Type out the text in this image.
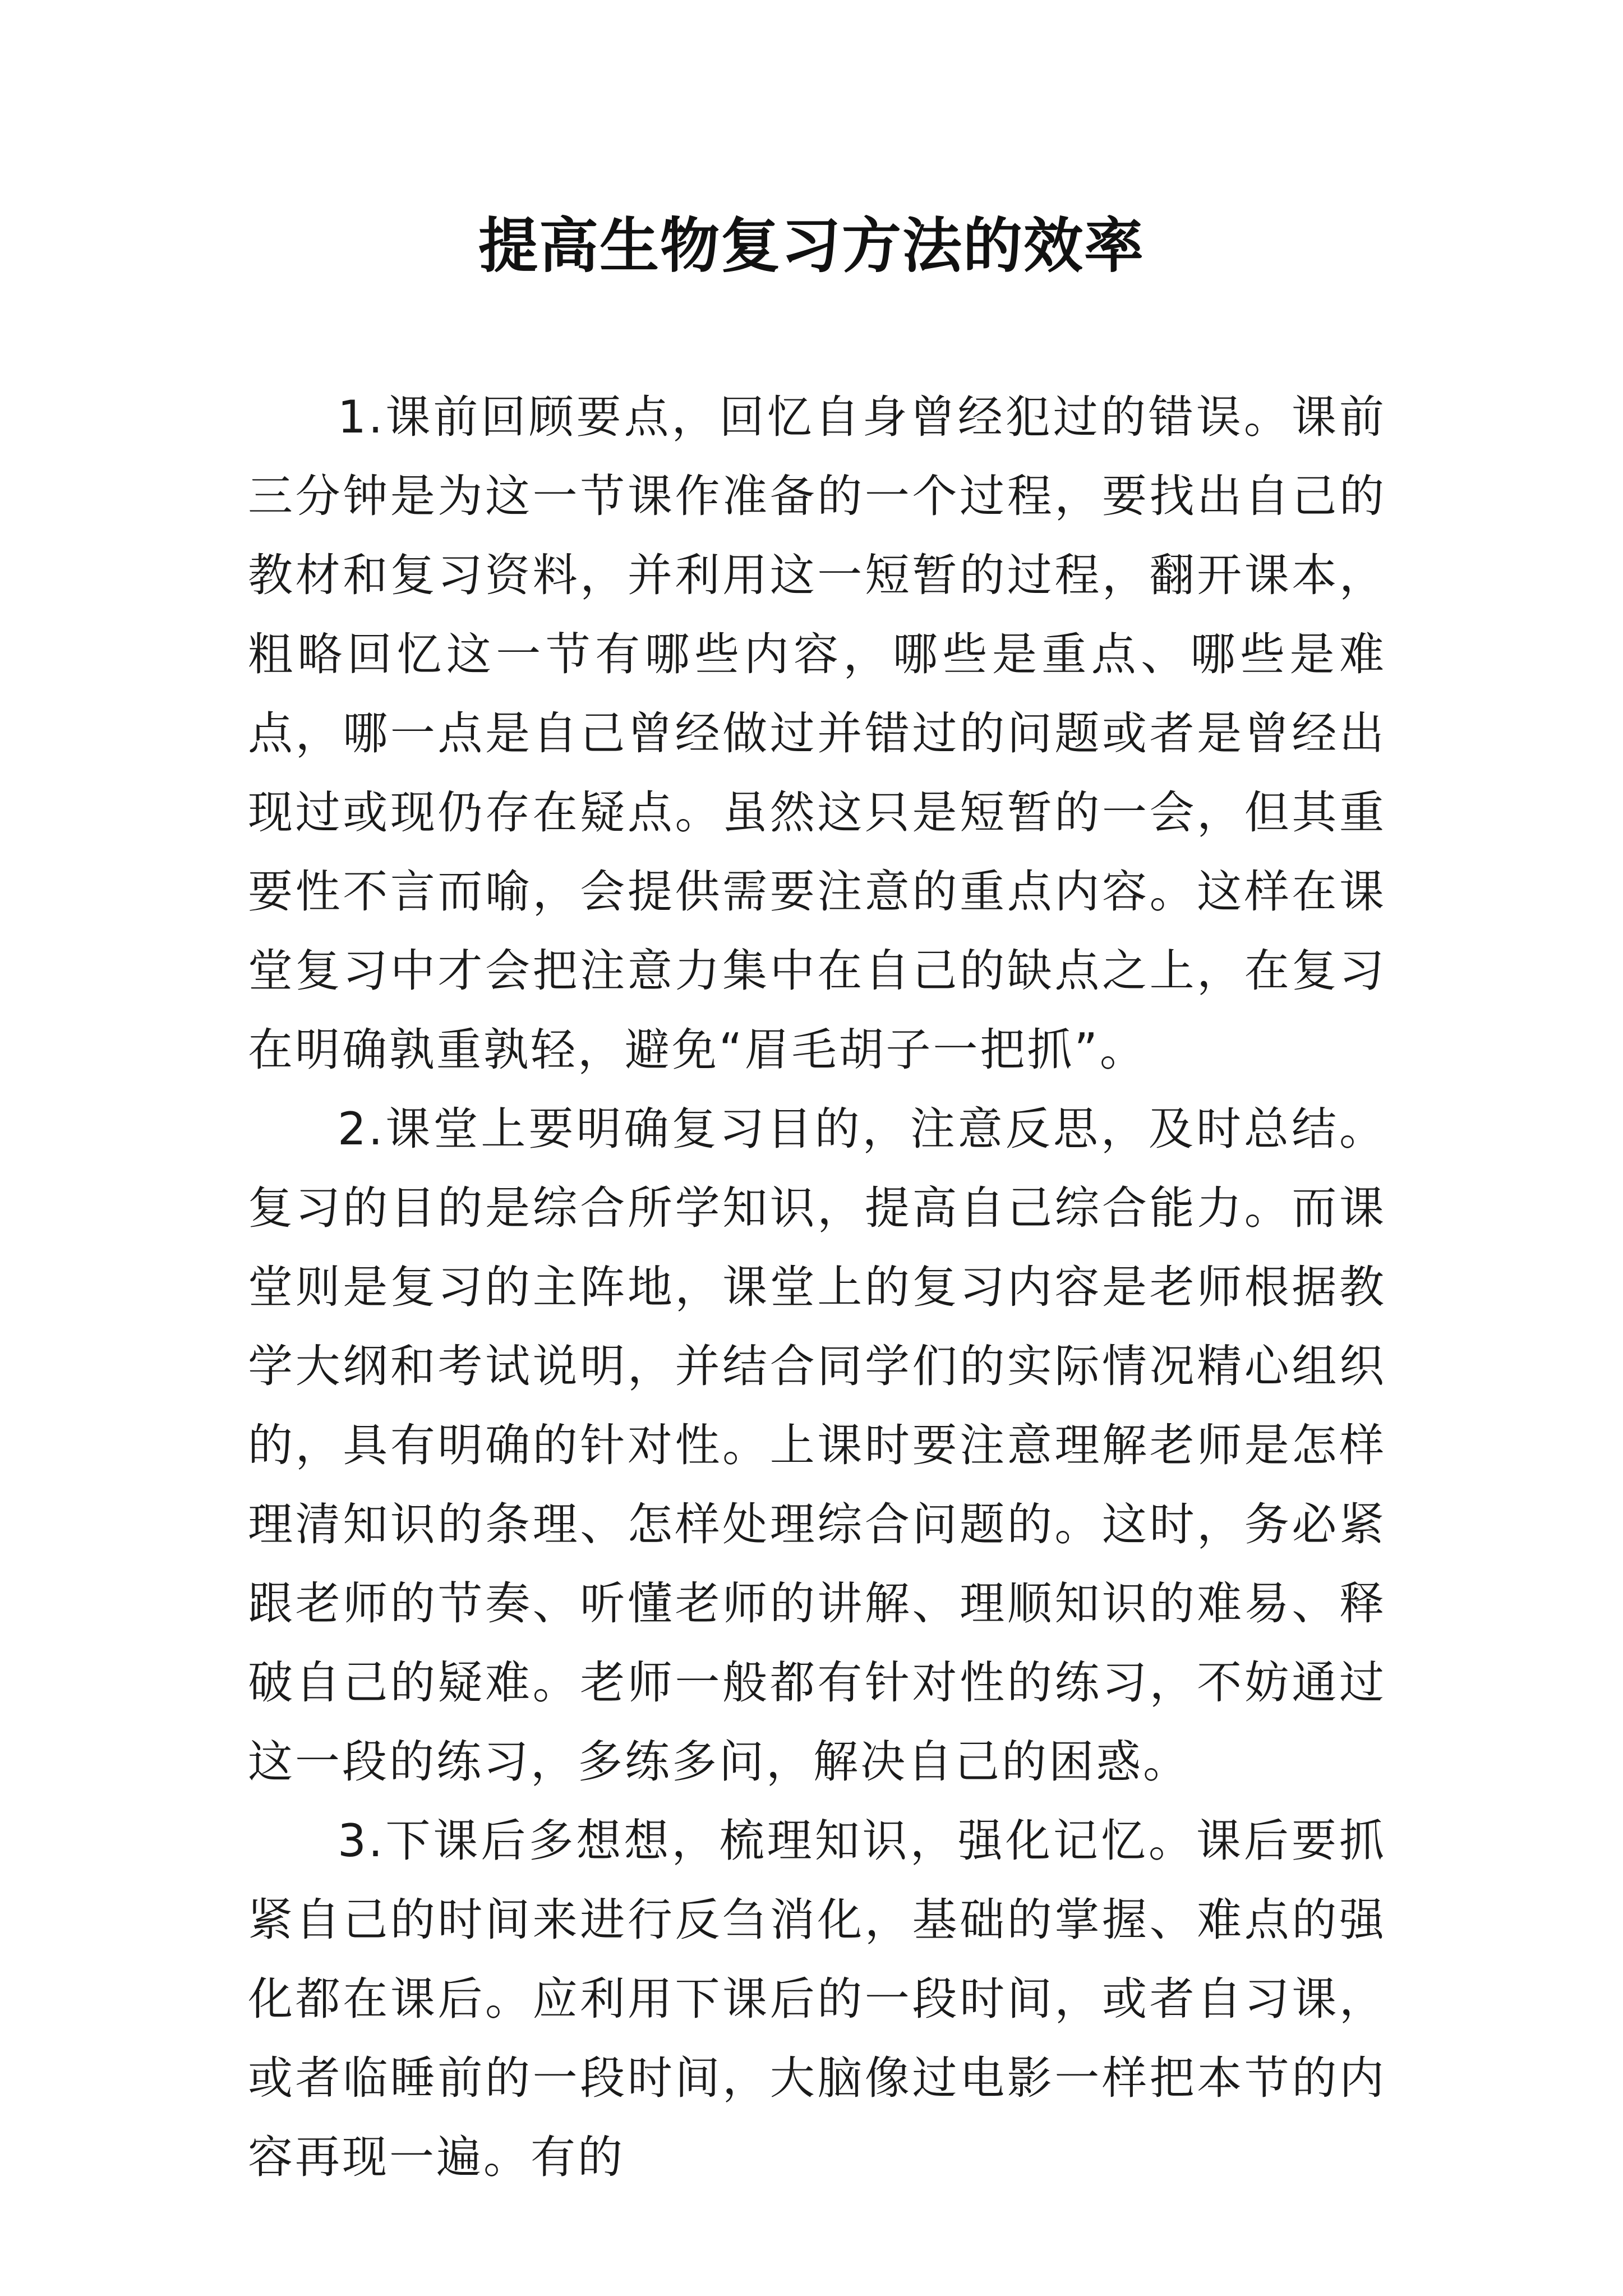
提高生物复习方法的效率

1.课前回顾要点，回忆自身曾经犯过的错误。课前三分钟是为这一节课作准备的一个过程，要找出自己的教材和复习资料，并利用这一短暂的过程，翻开课本，粗略回忆这一节有哪些内容，哪些是重点、哪些是难点，哪一点是自己曾经做过并错过的问题或者是曾经出现过或现仍存在疑点。虽然这只是短暂的一会，但其重要性不言而喻，会提供需要注意的重点内容。这样在课堂复习中才会把注意力集中在自己的缺点之上，在复习在明确孰重孰轻，避免“眉毛胡子一把抓”。

2.课堂上要明确复习目的，注意反思，及时总结。复习的目的是综合所学知识，提高自己综合能力。而课堂则是复习的主阵地，课堂上的复习内容是老师根据教学大纲和考试说明，并结合同学们的实际情况精心组织的，具有明确的针对性。上课时要注意理解老师是怎样理清知识的条理、怎样处理综合问题的。这时，务必紧跟老师的节奏、听懂老师的讲解、理顺知识的难易、释破自己的疑难。老师一般都有针对性的练习，不妨通过这一段的练习，多练多问，解决自己的困惑。

3.下课后多想想，梳理知识，强化记忆。课后要抓紧自己的时间来进行反刍消化，基础的掌握、难点的强化都在课后。应利用下课后的一段时间，或者自习课，或者临睡前的一段时间，大脑像过电影一样把本节的内容再现一遍。有的
